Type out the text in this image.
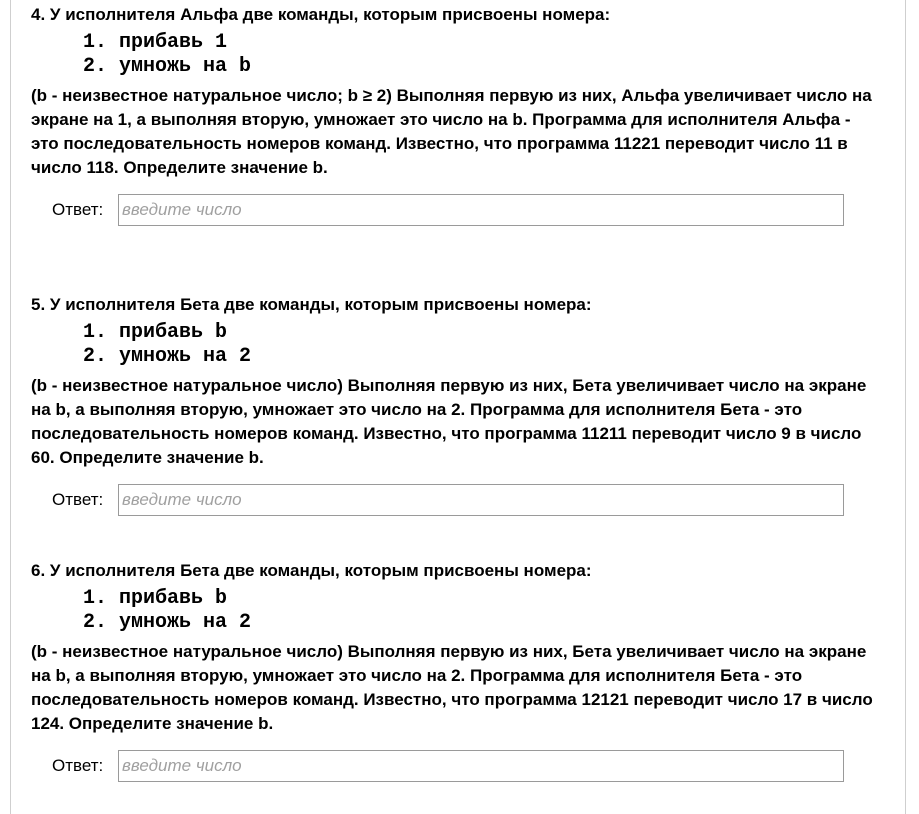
4. У исполнителя Альфа две команды, которым присвоены номера:

1. прибавь 1
2. умножь на b

(b - неизвестное натуральное число; b ≥ 2) Выполняя первую из них, Альфа увеличивает число на экране на 1, а выполняя вторую, умножает это число на b. Программа для исполнителя Альфа - это последовательность номеров команд. Известно, что программа 11221 переводит число 11 в число 118. Определите значение b.

Ответ:
введите число

5. У исполнителя Бета две команды, которым присвоены номера:

1. прибавь b
2. умножь на 2

(b - неизвестное натуральное число) Выполняя первую из них, Бета увеличивает число на экране на b, а выполняя вторую, умножает это число на 2. Программа для исполнителя Бета - это последовательность номеров команд. Известно, что программа 11211 переводит число 9 в число 60. Определите значение b.

Ответ:
введите число

6. У исполнителя Бета две команды, которым присвоены номера:

1. прибавь b
2. умножь на 2

(b - неизвестное натуральное число) Выполняя первую из них, Бета увеличивает число на экране на b, а выполняя вторую, умножает это число на 2. Программа для исполнителя Бета - это последовательность номеров команд. Известно, что программа 12121 переводит число 17 в число 124. Определите значение b.

Ответ:
введите число
